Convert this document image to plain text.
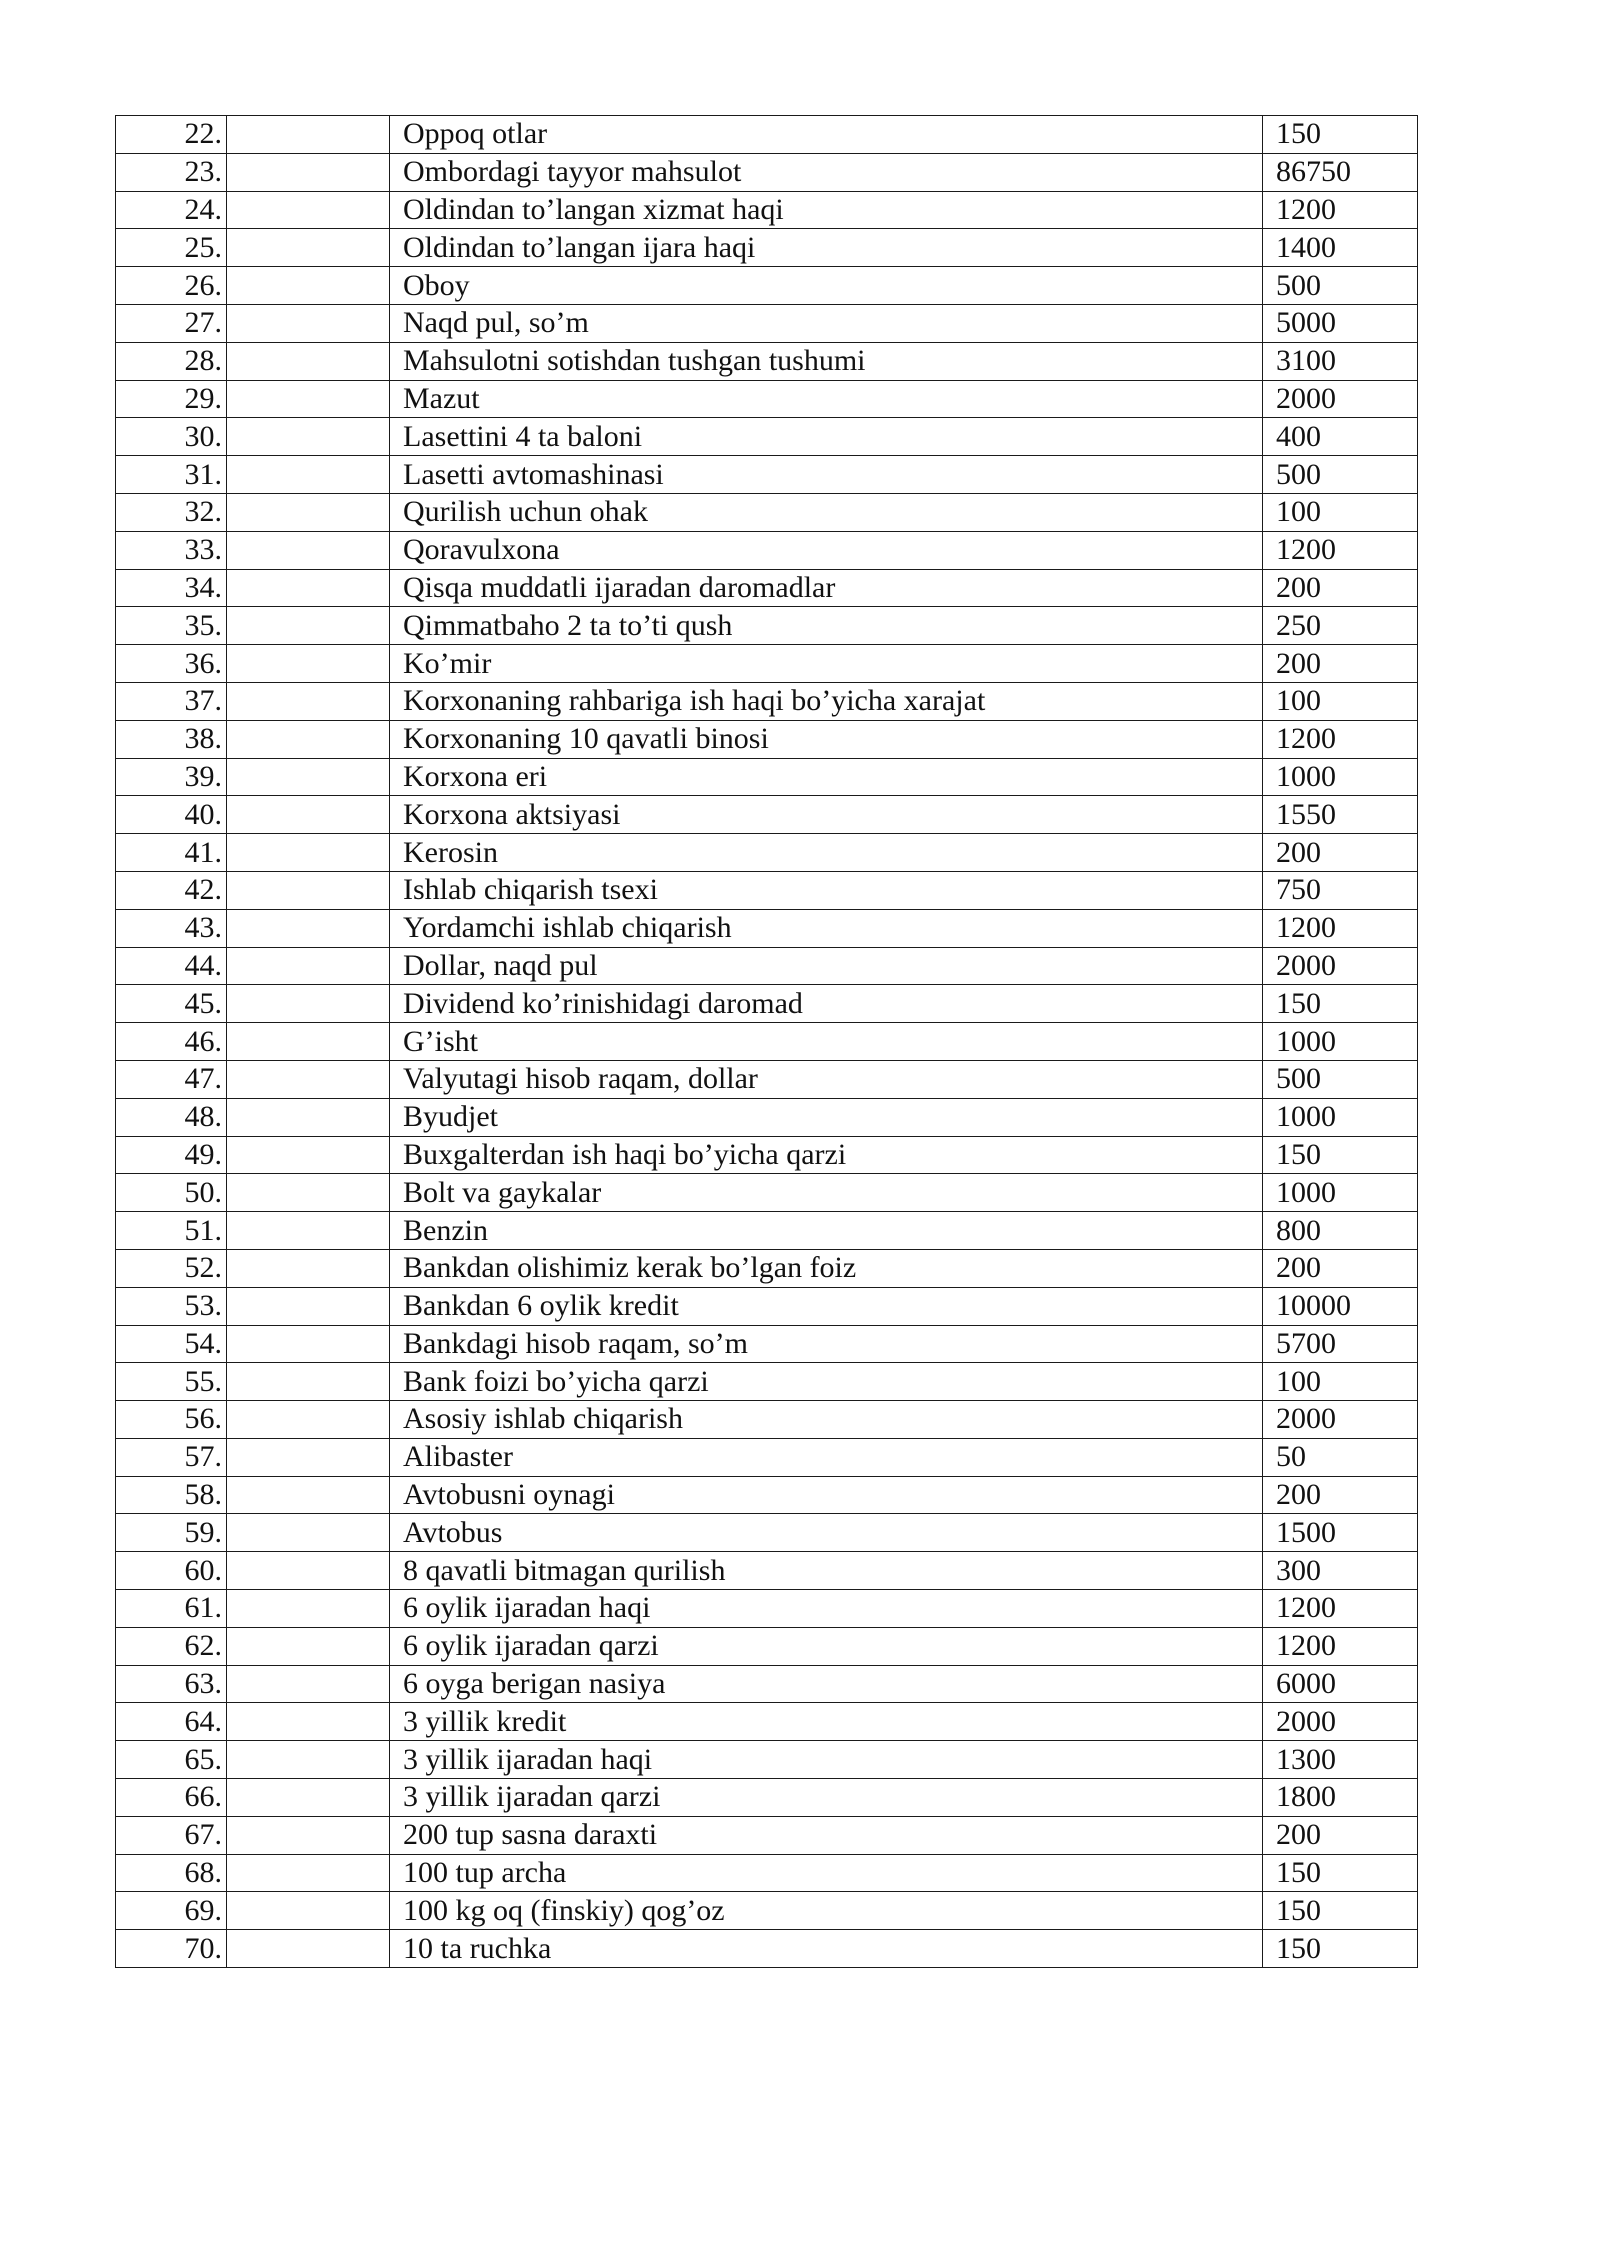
22.		Oppoq otlar	150
23.		Ombordagi tayyor mahsulot	86750
24.		Oldindan to’langan xizmat haqi	1200
25.		Oldindan to’langan ijara haqi	1400
26.		Oboy	500
27.		Naqd pul, so’m	5000
28.		Mahsulotni sotishdan tushgan tushumi	3100
29.		Mazut	2000
30.		Lasettini 4 ta baloni	400
31.		Lasetti avtomashinasi	500
32.		Qurilish uchun ohak	100
33.		Qoravulxona	1200
34.		Qisqa muddatli ijaradan daromadlar	200
35.		Qimmatbaho 2 ta to’ti qush	250
36.		Ko’mir	200
37.		Korxonaning rahbariga ish haqi bo’yicha xarajat	100
38.		Korxonaning 10 qavatli binosi	1200
39.		Korxona eri	1000
40.		Korxona aktsiyasi	1550
41.		Kerosin	200
42.		Ishlab chiqarish tsexi	750
43.		Yordamchi ishlab chiqarish	1200
44.		Dollar, naqd pul	2000
45.		Dividend ko’rinishidagi daromad	150
46.		G’isht	1000
47.		Valyutagi hisob raqam, dollar	500
48.		Byudjet	1000
49.		Buxgalterdan ish haqi bo’yicha qarzi	150
50.		Bolt va gaykalar	1000
51.		Benzin	800
52.		Bankdan olishimiz kerak bo’lgan foiz	200
53.		Bankdan 6 oylik kredit	10000
54.		Bankdagi hisob raqam, so’m	5700
55.		Bank foizi bo’yicha qarzi	100
56.		Asosiy ishlab chiqarish	2000
57.		Alibaster	50
58.		Avtobusni oynagi	200
59.		Avtobus	1500
60.		8 qavatli bitmagan qurilish	300
61.		6 oylik ijaradan haqi	1200
62.		6 oylik ijaradan qarzi	1200
63.		6 oyga berigan nasiya	6000
64.		3 yillik kredit	2000
65.		3 yillik ijaradan haqi	1300
66.		3 yillik ijaradan qarzi	1800
67.		200 tup sasna daraxti	200
68.		100 tup archa	150
69.		100 kg oq (finskiy) qog’oz	150
70.		10 ta ruchka	150
